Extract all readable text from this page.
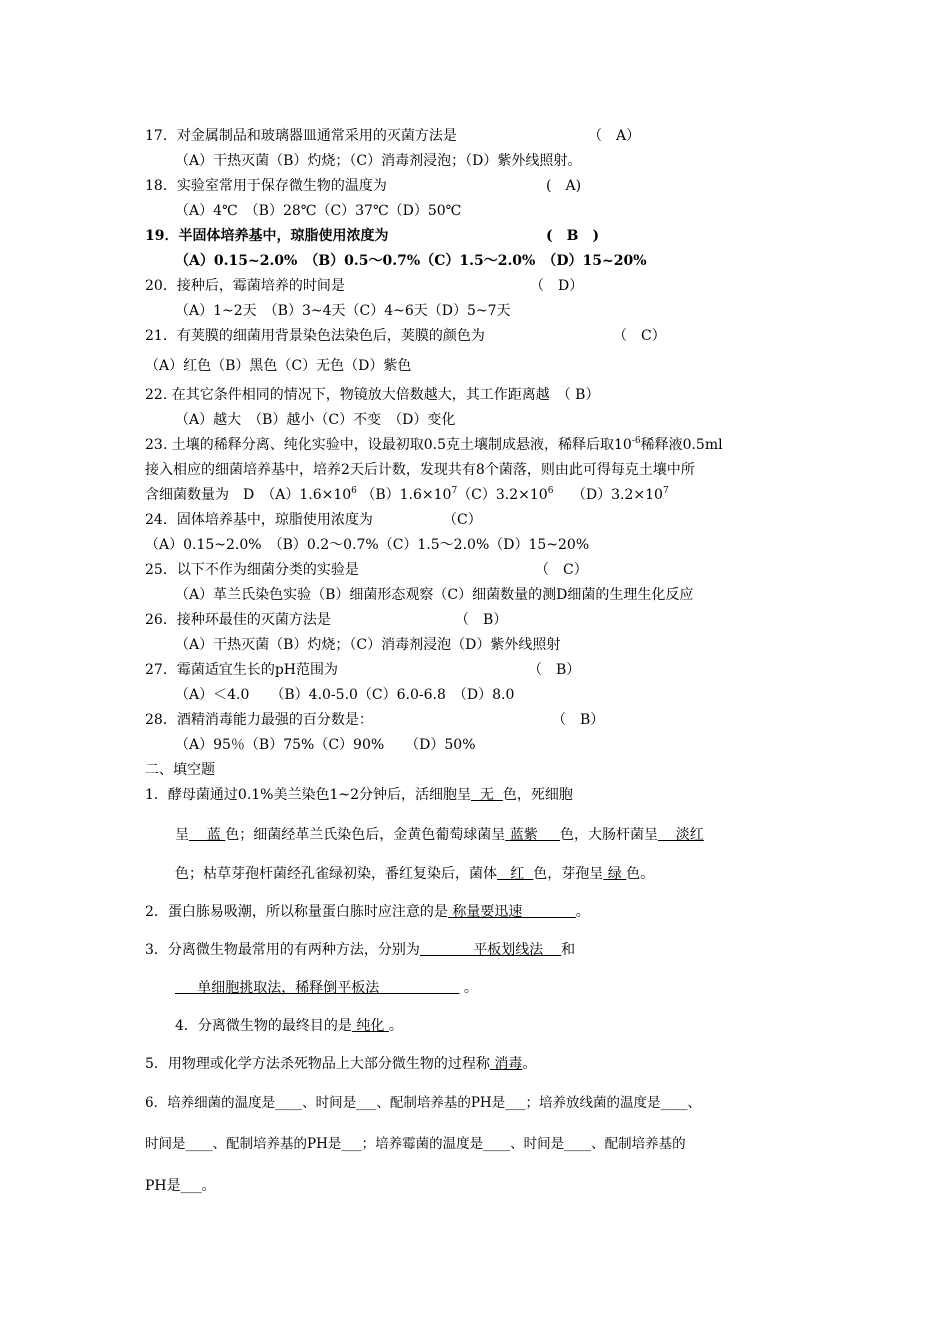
17．对金属制品和玻璃器皿通常采用的灭菌方法是	（　A）
（A）干热灭菌（B）灼烧；（C）消毒剂浸泡；（D）紫外线照射。
18．实验室常用于保存微生物的温度为	(　A)
（A）4℃　（B）28℃（C）37℃（D）50℃
19．半固体培养基中，琼脂使用浓度为	(　B　)
（A）0.15~2.0%　（B）0.5～0.7%（C）1.5～2.0%　（D）15~20%
20．接种后，霉菌培养的时间是	（　D）
（A）1~2天　（B）3~4天（C）4~6天（D）5~7天
21．有荚膜的细菌用背景染色法染色后，荚膜的颜色为	（　C）
（A）红色（B）黑色（C）无色（D）紫色
22. 在其它条件相同的情况下，物镜放大倍数越大，其工作距离越　（ B）
（A）越大　（B）越小（C）不变　（D）变化
23. 土壤的稀释分离、纯化实验中，设最初取0.5克土壤制成悬液，稀释后取$10^{-6}$稀释液0.5ml
接入相应的细菌培养基中，培养2天后计数，发现共有8个菌落，则由此可得每克土壤中所
含细菌数量为　D　$(A)1.6\times 10^6$ $(B)1.6\times 10^7(C)3.2\times 10^6$　 $(D)3.2\times 10^7$
24．固体培养基中，琼脂使用浓度为	（C）
（A）0.15~2.0%　（B）0.2～0.7%（C）1.5～2.0%（D）15~20%
25．以下不作为细菌分类的实验是	（　C）
（A）革兰氏染色实验（B）细菌形态观察（C）细菌数量的测D细菌的生理生化反应
26．接种环最佳的灭菌方法是	（　B）
（A）干热灭菌（B）灼烧；（C）消毒剂浸泡（D）紫外线照射
27．霉菌适宜生长的pH范围为	（　B）
（A）＜4.0　　（B）4.0-5.0（C）6.0-6.8　（D）8.0
28．酒精消毒能力最强的百分数是：	（　B）
（A）95％（B）75%（C）90%　　（D）50%
二、填空题
1．酵母菌通过0.1%美兰染色1~2分钟后，活细胞呈 无 色，死细胞
呈 蓝 色；细菌经革兰氏染色后，金黄色葡萄球菌呈 蓝紫 色，大肠杆菌呈 淡红
色；枯草芽孢杆菌经孔雀绿初染，番红复染后，菌体 红 色，芽孢呈 绿 色。
2．蛋白胨易吸潮，所以称量蛋白胨时应注意的是 称量要迅速	。
3．分离微生物最常用的有两种方法，分别为	平板划线法 和
单细胞挑取法，稀释倒平板法	。
4．分离微生物的最终目的是 纯化 。
5．用物理或化学方法杀死物品上大部分微生物的过程称 消毒。
6．培养细菌的温度是____、时间是___、配制培养基的PH是___；培养放线菌的温度是____、
时间是____、配制培养基的PH是___；培养霉菌的温度是____、时间是____、配制培养基的
PH是___。
